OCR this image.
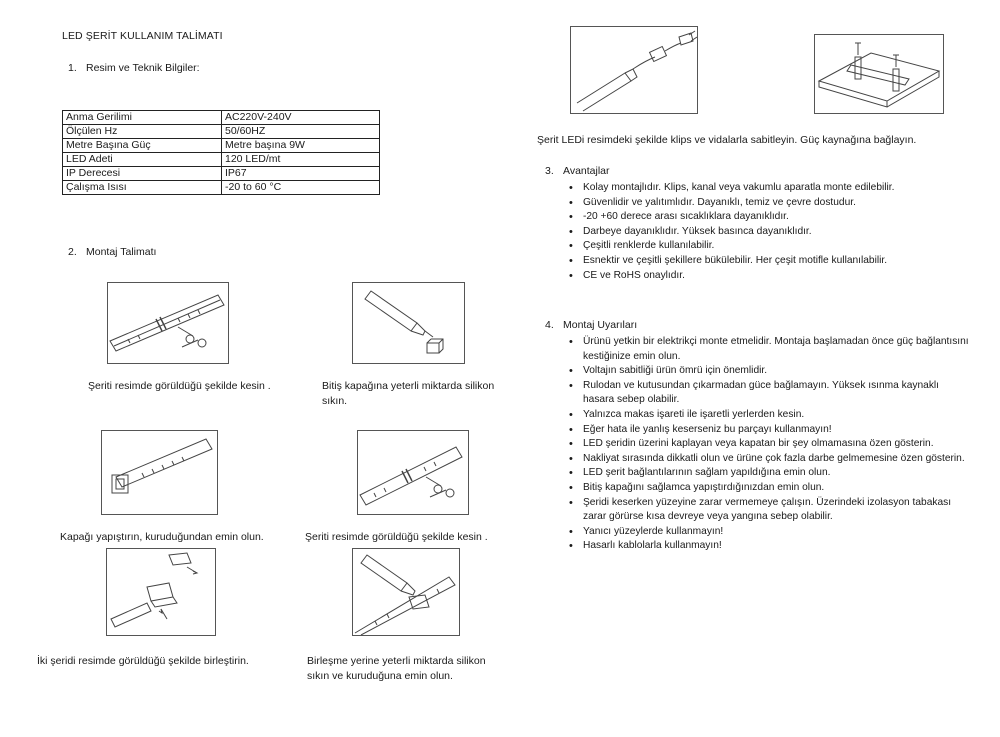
LED ŞERİT KULLANIM TALİMATI
1. Resim ve Teknik Bilgiler:
Anma Gerilimi	AC220V-240V
Ölçülen Hz	50/60HZ
Metre Başına Güç	Metre başına 9W
LED Adeti	120 LED/mt
IP Derecesi	IP67
Çalışma Isısı	-20 to 60 °C
2. Montaj Talimatı
Şeriti resimde görüldüğü şekilde kesin .	Bitiş kapağına yeterli miktarda silikon sıkın.
Kapağı yapıştırın, kuruduğundan emin olun.	Şeriti resimde görüldüğü şekilde kesin .
İki şeridi resimde görüldüğü şekilde birleştirin.	Birleşme yerine yeterli miktarda silikon sıkın ve kuruduğuna emin olun.
Şerit LEDi resimdeki şekilde klips ve vidalarla sabitleyin. Güç kaynağına bağlayın.
3. Avantajlar
• Kolay montajlıdır. Klips, kanal veya vakumlu aparatla monte edilebilir.
• Güvenlidir ve yalıtımlıdır. Dayanıklı, temiz ve çevre dostudur.
• -20 +60 derece arası sıcaklıklara dayanıklıdır.
• Darbeye dayanıklıdır. Yüksek basınca dayanıklıdır.
• Çeşitli renklerde kullanılabilir.
• Esnektir ve çeşitli şekillere bükülebilir. Her çeşit motifle kullanılabilir.
• CE ve RoHS onaylıdır.
4. Montaj Uyarıları
• Ürünü yetkin bir elektrikçi monte etmelidir. Montaja başlamadan önce güç bağlantısını kestiğinize emin olun.
• Voltajın sabitliği ürün ömrü için önemlidir.
• Rulodan ve kutusundan çıkarmadan güce bağlamayın. Yüksek ısınma kaynaklı hasara sebep olabilir.
• Yalnızca makas işareti ile işaretli yerlerden kesin.
• Eğer hata ile yanlış keserseniz bu parçayı kullanmayın!
• LED şeridin üzerini kaplayan veya kapatan bir şey olmamasına özen gösterin.
• Nakliyat sırasında dikkatli olun ve ürüne çok fazla darbe gelmemesine özen gösterin.
• LED şerit bağlantılarının sağlam yapıldığına emin olun.
• Bitiş kapağını sağlamca yapıştırdığınızdan emin olun.
• Şeridi keserken yüzeyine zarar vermemeye çalışın. Üzerindeki izolasyon tabakası zarar görürse kısa devreye veya yangına sebep olabilir.
• Yanıcı yüzeylerde kullanmayın!
• Hasarlı kablolarla kullanmayın!
